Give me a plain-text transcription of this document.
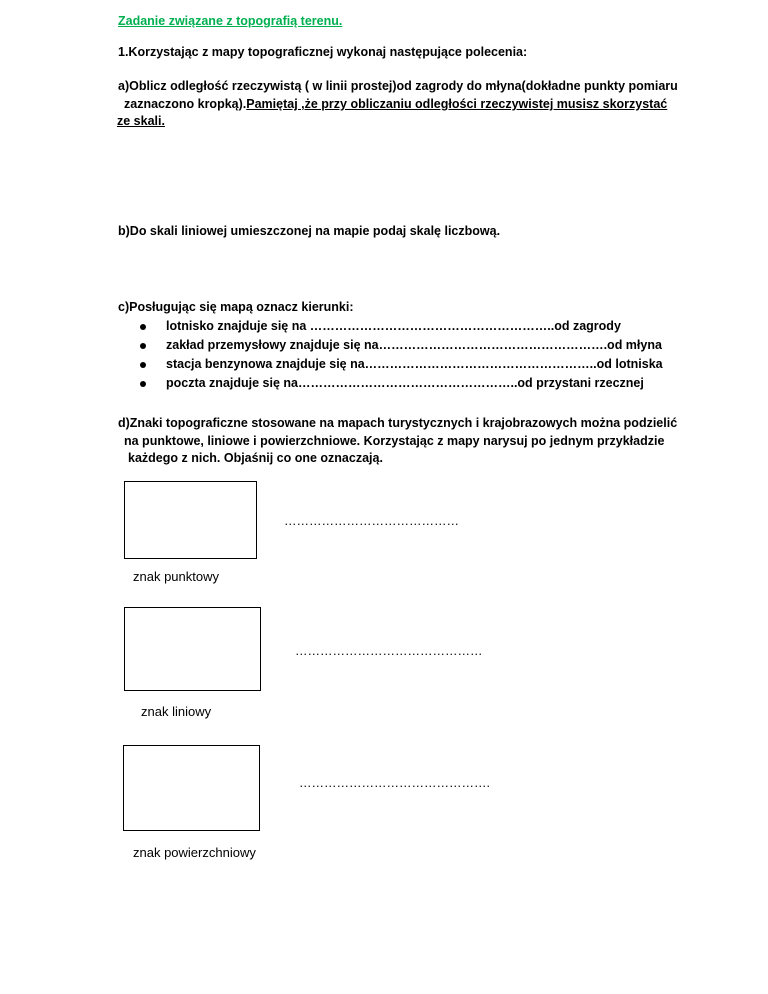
Zadanie związane z topografią terenu.
1.Korzystając z mapy topograficznej wykonaj następujące polecenia:
a)Oblicz odległość rzeczywistą ( w linii prostej)od zagrody do młyna(dokładne punkty pomiaru
zaznaczono kropką).Pamiętaj ,że przy obliczaniu odległości rzeczywistej musisz skorzystać
ze skali.
b)Do skali liniowej umieszczonej na mapie podaj skalę liczbową.
c)Posługując się mapą oznacz kierunki:
lotnisko znajduje się na …………………………………………………..od zagrody
zakład przemysłowy znajduje się na……………………………………………….od młyna
stacja benzynowa znajduje się na………………………………………………..od lotniska
poczta znajduje się na……………………………………………..od przystani rzecznej
d)Znaki topograficzne stosowane na mapach turystycznych i krajobrazowych można podzielić
na punktowe, liniowe i powierzchniowe. Korzystając z mapy narysuj po jednym przykładzie
każdego z nich. Objaśnij co one oznaczają.
……………………………………
znak punktowy
………………………………………
znak liniowy
……………………………………….
znak powierzchniowy
